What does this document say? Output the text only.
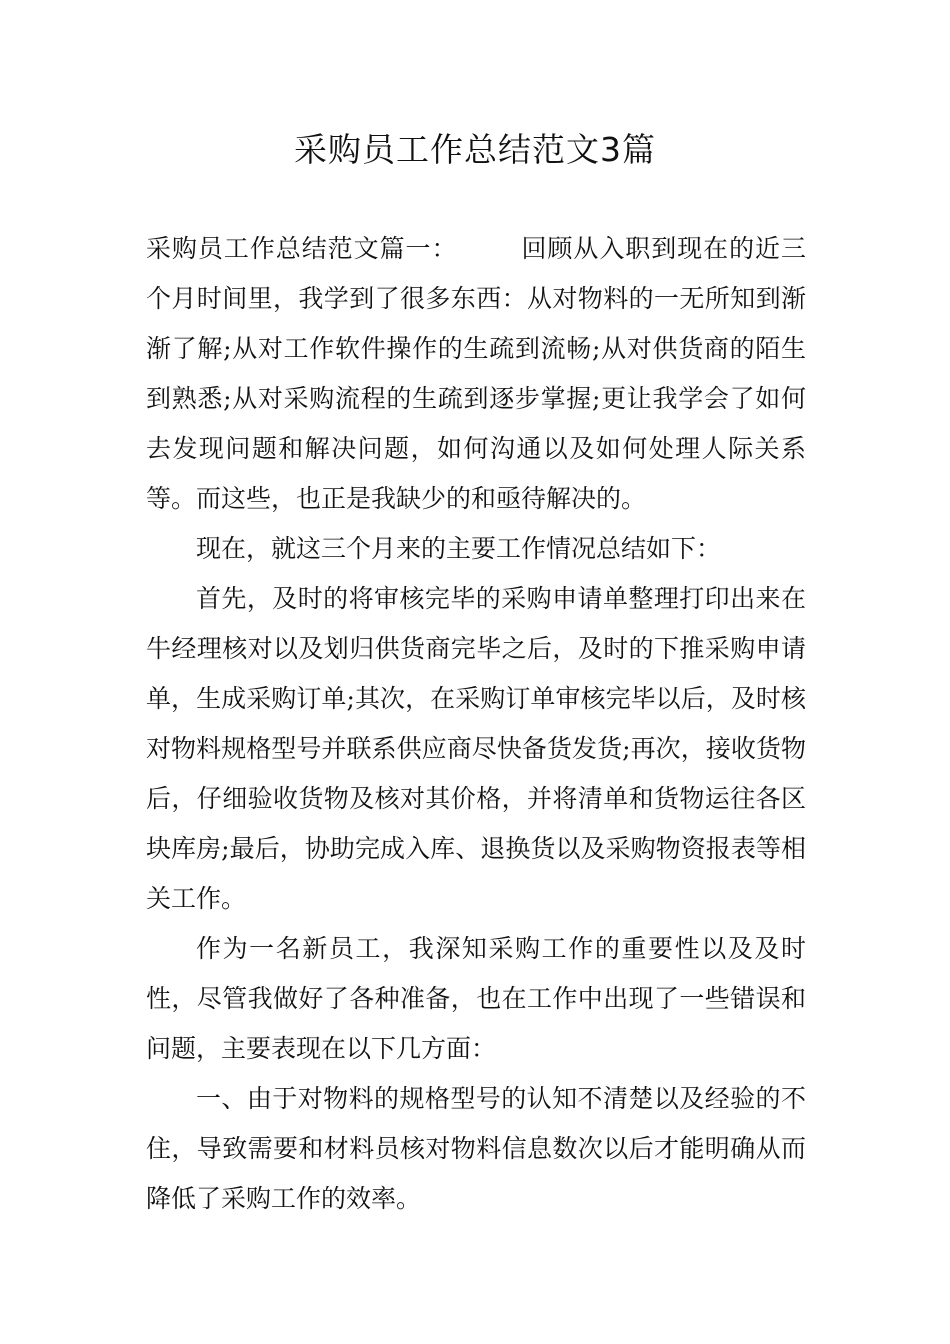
采购员工作总结范文3篇

采购员工作总结范文篇一：	回顾从入职到现在的近三个月时间里，我学到了很多东西：从对物料的一无所知到渐渐了解;从对工作软件操作的生疏到流畅;从对供货商的陌生到熟悉;从对采购流程的生疏到逐步掌握;更让我学会了如何去发现问题和解决问题，如何沟通以及如何处理人际关系等。而这些，也正是我缺少的和亟待解决的。

现在，就这三个月来的主要工作情况总结如下：

首先，及时的将审核完毕的采购申请单整理打印出来在牛经理核对以及划归供货商完毕之后，及时的下推采购申请单，生成采购订单;其次，在采购订单审核完毕以后，及时核对物料规格型号并联系供应商尽快备货发货;再次，接收货物后，仔细验收货物及核对其价格，并将清单和货物运往各区块库房;最后，协助完成入库、退换货以及采购物资报表等相关工作。

作为一名新员工，我深知采购工作的重要性以及及时性，尽管我做好了各种准备，也在工作中出现了一些错误和问题，主要表现在以下几方面：

一、由于对物料的规格型号的认知不清楚以及经验的不住，导致需要和材料员核对物料信息数次以后才能明确从而降低了采购工作的效率。
